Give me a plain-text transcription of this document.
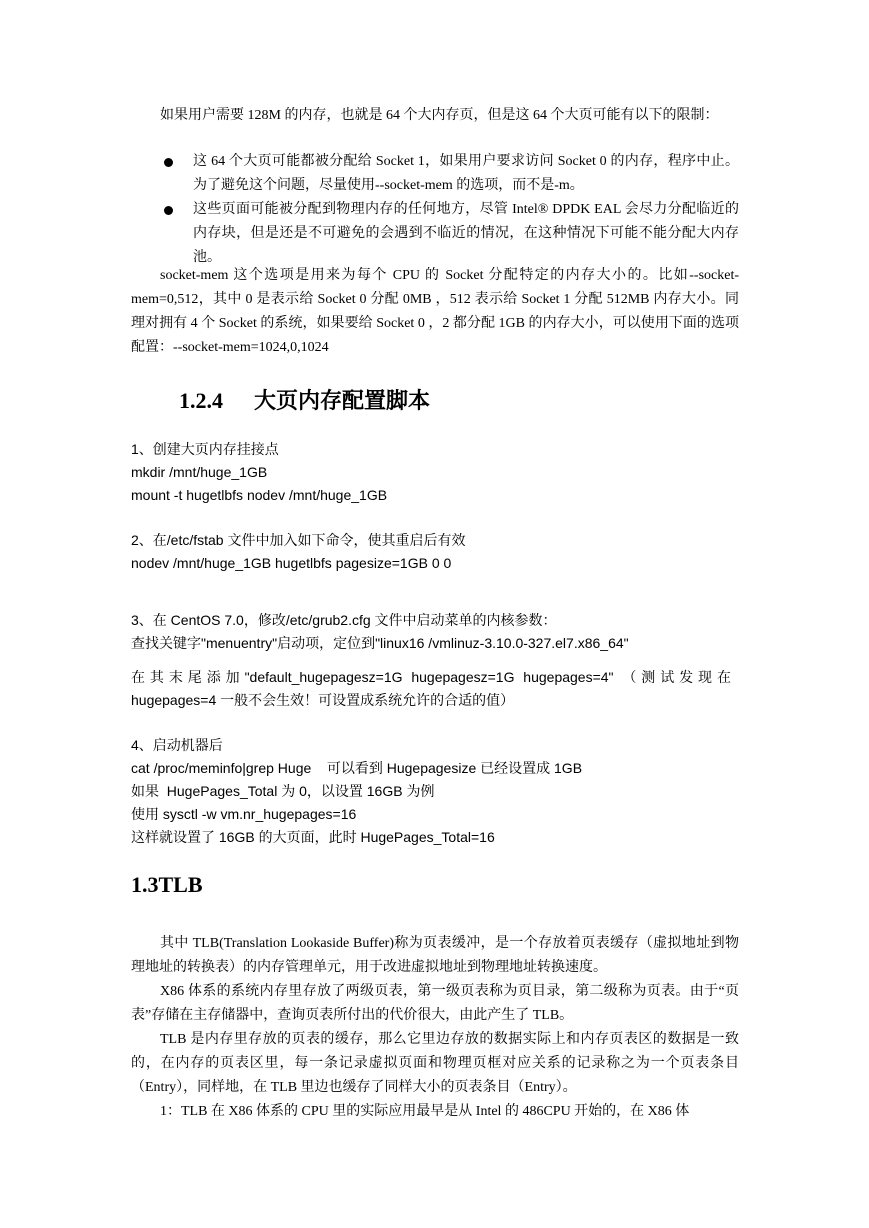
如果用户需要 128M 的内存，也就是 64 个大内存页，但是这 64 个大页可能有以下的限制：

这 64 个大页可能都被分配给 Socket 1，如果用户要求访问 Socket 0 的内存，程序中止。为了避免这个问题，尽量使用--socket-mem 的选项，而不是-m。
这些页面可能被分配到物理内存的任何地方，尽管 Intel® DPDK EAL 会尽力分配临近的内存块，但是还是不可避免的会遇到不临近的情况，在这种情况下可能不能分配大内存池。

socket-mem 这个选项是用来为每个 CPU 的 Socket 分配特定的内存大小的。比如--socket-mem=0,512，其中 0 是表示给 Socket 0 分配 0MB ，512 表示给 Socket 1 分配 512MB 内存大小。同理对拥有 4 个 Socket 的系统，如果要给 Socket 0 ，2 都分配 1GB 的内存大小，可以使用下面的选项配置：--socket-mem=1024,0,1024

1.2.4 大页内存配置脚本
1、创建大页内存挂接点
mkdir /mnt/huge_1GB
mount -t hugetlbfs nodev /mnt/huge_1GB
2、在/etc/fstab 文件中加入如下命令，使其重启后有效
nodev /mnt/huge_1GB hugetlbfs pagesize=1GB 0 0
3、在 CentOS 7.0，修改/etc/grub2.cfg 文件中启动菜单的内核参数：
查找关键字"menuentry"启动项，定位到"linux16 /vmlinuz-3.10.0-327.el7.x86_64"

在其末尾添加"default_hugepagesz=1G hugepagesz=1G hugepages=4" （测试发现在hugepages=4 一般不会生效！可设置成系统允许的合适的值）

4、启动机器后
cat /proc/meminfo|grep Huge    可以看到 Hugepagesize 已经设置成 1GB
如果  HugePages_Total 为 0，以设置 16GB 为例
使用 sysctl -w vm.nr_hugepages=16
这样就设置了 16GB 的大页面，此时 HugePages_Total=16
1.3TLB

其中 TLB(Translation Lookaside Buffer)称为页表缓冲，是一个存放着页表缓存（虚拟地址到物理地址的转换表）的内存管理单元，用于改进虚拟地址到物理地址转换速度。

X86 体系的系统内存里存放了两级页表，第一级页表称为页目录，第二级称为页表。由于“页表”存储在主存储器中，查询页表所付出的代价很大，由此产生了 TLB。

TLB 是内存里存放的页表的缓存，那么它里边存放的数据实际上和内存页表区的数据是一致的，在内存的页表区里，每一条记录虚拟页面和物理页框对应关系的记录称之为一个页表条目（Entry），同样地，在 TLB 里边也缓存了同样大小的页表条目（Entry）。

1：TLB 在 X86 体系的 CPU 里的实际应用最早是从 Intel 的 486CPU 开始的，在 X86 体
